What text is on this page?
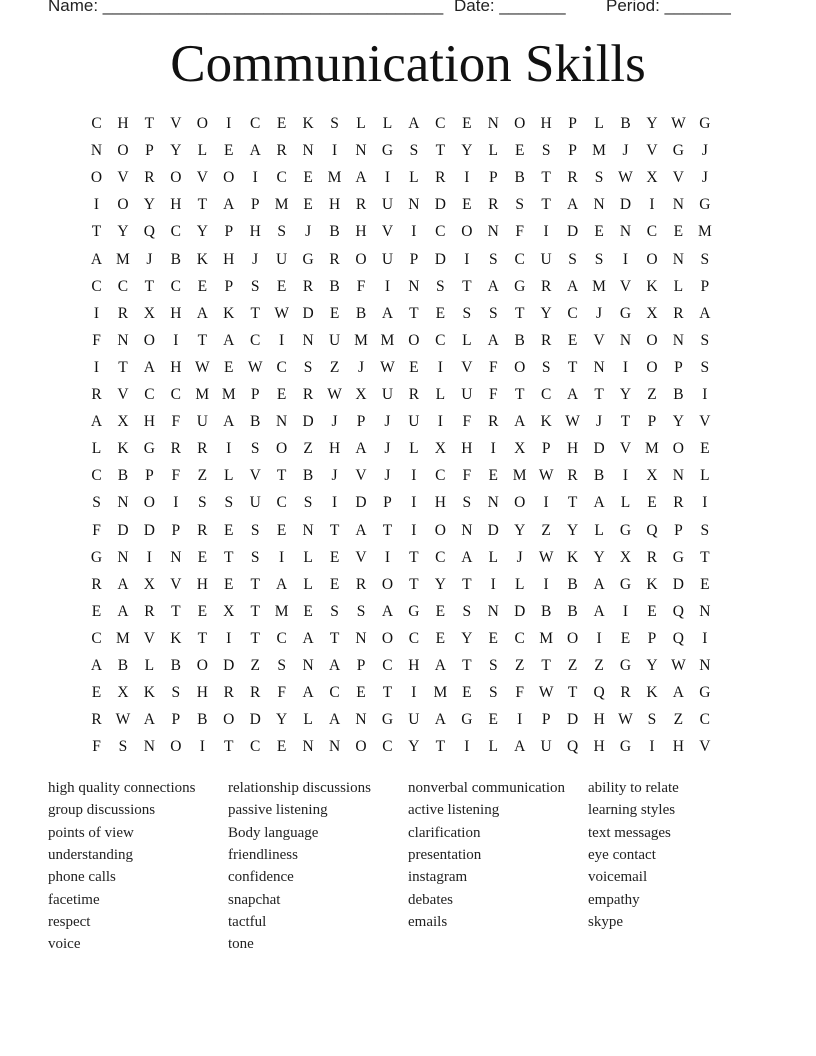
Name: ____________________________________ Date: _______ Period: _______
Communication Skills
C	H	T	V O	I	C	E	K	S	L	L	A	C	E	N O H	P	L	B	Y W G
N O	P	Y	L	E	A	R	N	I	N G	S	T	Y	L	E	S	P M	J	V G	J
O V	R	O V O	I	C	E M A	I	L	R	I	P	B	T	R	S W X V	J
I	O Y H	T	A	P M E	H	R	U N D	E	R	S	T	A N D	I	N G
T	Y Q	C	Y	P	H	S	J	B	H V	I	C	O N	F	I	D	E	N	C	E M
A M	J	B	K H	J	U G	R	O U	P	D	I	S	C	U	S	S	I	O N	S
C	C	T	C	E	P	S	E	R	B	F	I	N	S	T	A G	R	A M V K	L	P
I	R	X H A K	T W D	E	B	A	T	E	S	S	T	Y	C	J	G X	R	A
F	N O	I	T	A	C	I	N U M M O	C	L	A	B	R	E	V N O N	S
I	T	A H W E W C	S	Z	J	W E	I	V	F	O	S	T	N	I	O	P	S
R	V	C	C M M P	E	R W X U	R	L	U	F	T	C	A	T	Y	Z	B	I
A X H	F	U A	B	N D	J	P	J	U	I	F	R	A K W	J	T	P	Y V
L	K G	R	R	I	S	O	Z	H A	J	L	X H	I	X	P	H D V M O	E
C	B	P	F	Z	L	V	T	B	J	V	J	I	C	F	E M W R	B	I	X N	L
S	N O	I	S	S	U	C	S	I	D	P	I	H	S	N O	I	T	A	L	E	R	I
F	D D	P	R	E	S	E	N	T	A	T	I	O N D Y	Z	Y	L	G Q	P	S
G N	I	N	E	T	S	I	L	E	V	I	T	C	A	L	J	W K Y X	R	G	T
R	A X V H	E	T	A	L	E	R	O	T	Y	T	I	L	I	B	A G K D	E
E	A	R	T	E	X	T M E	S	S	A G	E	S	N D	B	B	A	I	E	Q N
C M V K	T	I	T	C	A	T	N O	C	E	Y	E	C M O	I	E	P	Q	I
A	B	L	B	O D	Z	S	N A	P	C	H A	T	S	Z	T	Z	Z	G Y W N
E	X K	S	H	R	R	F	A	C	E	T	I	M E	S	F W T	Q	R	K A G
R W A	P	B	O D Y	L	A N G U A G	E	I	P	D H W S	Z	C
F	S	N O	I	T	C	E	N N O	C	Y	T	I	L	A U Q H G	I	H V
high quality connections
group discussions
points of view
understanding
phone calls
facetime
respect
voice
relationship discussions
passive listening
Body language
friendliness
confidence
snapchat
tactful
tone
nonverbal communication
active listening
clarification
presentation
instagram
debates
emails
ability to relate
learning styles
text messages
eye contact
voicemail
empathy
skype
